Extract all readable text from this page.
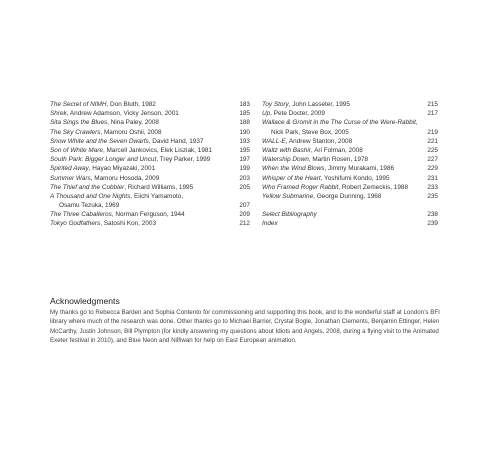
The Secret of NIMH, Don Bluth, 1982	183
Shrek, Andrew Adamson, Vicky Jenson, 2001	185
Sita Sings the Blues, Nina Paley, 2008	188
The Sky Crawlers, Mamoru Oshii, 2008	190
Snow White and the Seven Dwarfs, David Hand, 1937	193
Son of White Mare, Marcell Jankovics, Elek Lisziak, 1981	195
South Park: Bigger Longer and Uncut, Trey Parker, 1999	197
Spirited Away, Hayao Miyazaki, 2001	199
Summer Wars, Mamoru Hosoda, 2009	203
The Thief and the Cobbler, Richard Williams, 1995	205
A Thousand and One Nights, Eiichi Yamamoto,
Osamu Tezuka, 1969	207
The Three Caballeros, Norman Ferguson, 1944	209
Tokyo Godfathers, Satoshi Kon, 2003	212
Toy Story, John Lasseter, 1995	215
Up, Pete Docter, 2009	217
Wallace & Gromit in the The Curse of the Were-Rabbit,
Nick Park, Steve Box, 2005	219
WALL-E, Andrew Stanton, 2008	221
Waltz with Bashir, Ari Folman, 2008	225
Watership Down, Martin Rosen, 1978	227
When the Wind Blows, Jimmy Murakami, 1986	229
Whisper of the Heart, Yoshifumi Kondo, 1995	231
Who Framed Roger Rabbit, Robert Zemeckis, 1988	233
Yellow Submarine, George Dunning, 1968	235
Select Bibliography	238
Index	239
Acknowledgments

My thanks go to Rebecca Barden and Sophia Contento for commissioning and supporting this book, and to the wonderful staff at London’s BFI library where much of the research was done. Other thanks go to Michael Barrier, Crystal Bogle, Jonathan Clements, Benjamin Ettinger, Helen McCarthy, Justin Johnson, Bill Plympton (for kindly answering my questions about Idiots and Angels, 2008, during a flying visit to the Animated Exeter festival in 2010), and Blue Neon and Nilfiwan for help on East European animation.
